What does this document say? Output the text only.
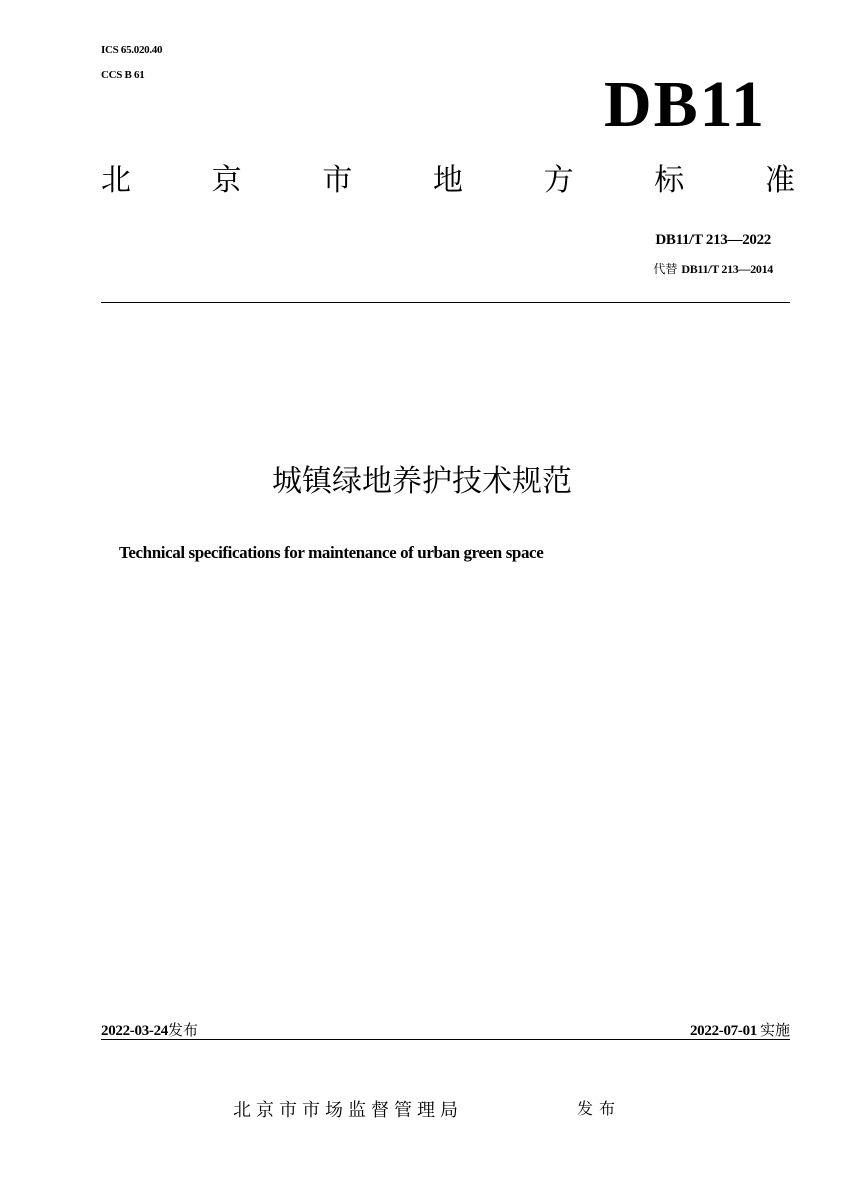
ICS 65.020.40
CCS B 61	DB11
北	京	市	地	方	标	准
DB11/T 213—2022
代替 DB11/T 213—2014
城镇绿地养护技术规范
Technical specifications for maintenance of urban green space
2022-03-24发布	2022-07-01 实施
北京市市场监督管理局	发布
